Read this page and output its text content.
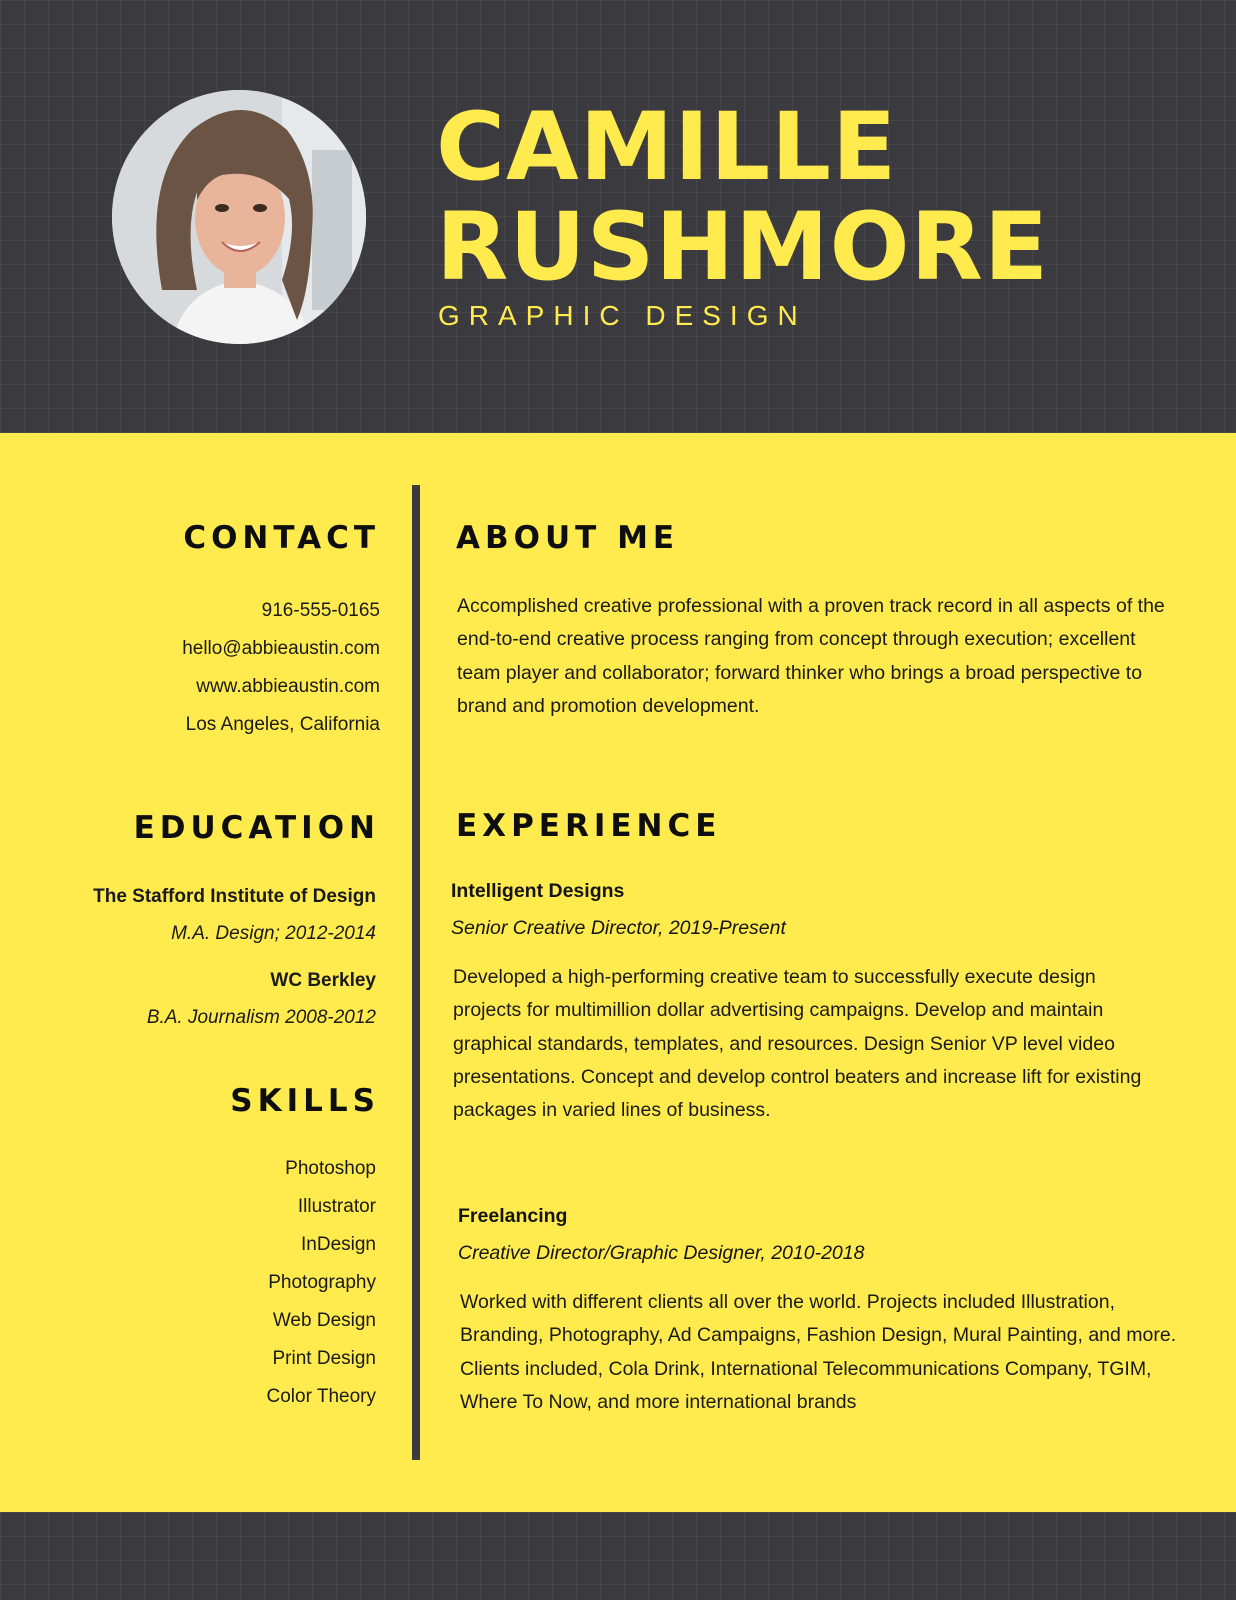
CAMILLE
RUSHMORE
GRAPHIC DESIGN
CONTACT
916-555-0165
hello@abbieaustin.com
www.abbieaustin.com
Los Angeles, California
EDUCATION
The Stafford Institute of Design
M.A. Design; 2012-2014
WC Berkley
B.A. Journalism 2008-2012
SKILLS
Photoshop
Illustrator
InDesign
Photography
Web Design
Print Design
Color Theory
ABOUT ME
Accomplished creative professional with a proven track record in all aspects of the
end-to-end creative process ranging from concept through execution; excellent
team player and collaborator; forward thinker who brings a broad perspective to
brand and promotion development.
EXPERIENCE
Intelligent Designs
Senior Creative Director, 2019-Present
Developed a high-performing creative team to successfully execute design
projects for multimillion dollar advertising campaigns. Develop and maintain
graphical standards, templates, and resources. Design Senior VP level video
presentations. Concept and develop control beaters and increase lift for existing
packages in varied lines of business.
Freelancing
Creative Director/Graphic Designer, 2010-2018
Worked with different clients all over the world. Projects included Illustration,
Branding, Photography, Ad Campaigns, Fashion Design, Mural Painting, and more.
Clients included, Cola Drink, International Telecommunications Company, TGIM,
Where To Now, and more international brands
